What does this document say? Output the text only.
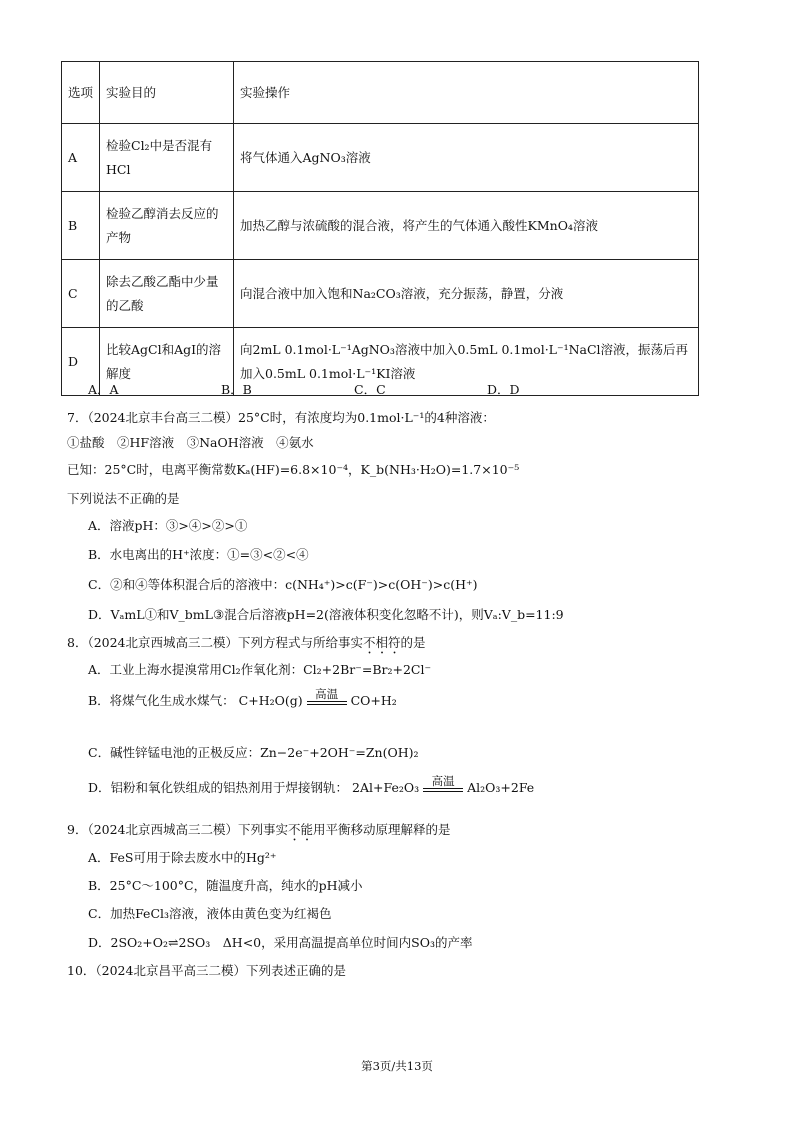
选项	实验目的	实验操作
A	检验Cl₂中是否混有HCl	将气体通入AgNO₃溶液
B	检验乙醇消去反应的产物	加热乙醇与浓硫酸的混合液，将产生的气体通入酸性KMnO₄溶液
C	除去乙酸乙酯中少量的乙酸	向混合液中加入饱和Na₂CO₃溶液，充分振荡，静置，分液
D	比较AgCl和AgI的溶解度	向2mL 0.1mol·L⁻¹AgNO₃溶液中加入0.5mL 0.1mol·L⁻¹NaCl溶液，振荡后再加入0.5mL 0.1mol·L⁻¹KI溶液
A．A	B．B	C．C	D．D
7．（2024北京丰台高三二模）25°C时，有浓度均为0.1mol·L⁻¹的4种溶液：
①盐酸　②HF溶液　③NaOH溶液　④氨水
已知：25°C时，电离平衡常数Kₐ(HF)=6.8×10⁻⁴，K_b(NH₃·H₂O)=1.7×10⁻⁵
下列说法不正确的是
A．溶液pH：③>④>②>①
B．水电离出的H⁺浓度：①=③<②<④
C．②和④等体积混合后的溶液中：c(NH₄⁺)>c(F⁻)>c(OH⁻)>c(H⁺)
D．VₐmL①和V_bmL③混合后溶液pH=2(溶液体积变化忽略不计)，则Vₐ:V_b=11:9
8．（2024北京西城高三二模）下列方程式与所给事实不相符的是
A．工业上海水提溴常用Cl₂作氧化剂：Cl₂+2Br⁻=Br₂+2Cl⁻
B．将煤气化生成水煤气： C+H₂O(g)	高温 CO+H₂
C．碱性锌锰电池的正极反应：Zn−2e⁻+2OH⁻=Zn(OH)₂
D．铝粉和氧化铁组成的铝热剂用于焊接钢轨： 2Al+Fe₂O₃	高温 Al₂O₃+2Fe
9．（2024北京西城高三二模）下列事实不能用平衡移动原理解释的是
A．FeS可用于除去废水中的Hg²⁺
B．25°C～100°C，随温度升高，纯水的pH减小
C．加热FeCl₃溶液，液体由黄色变为红褐色
D．2SO₂+O₂⇌2SO₃　ΔH<0，采用高温提高单位时间内SO₃的产率
10．（2024北京昌平高三二模）下列表述正确的是
第3页/共13页
